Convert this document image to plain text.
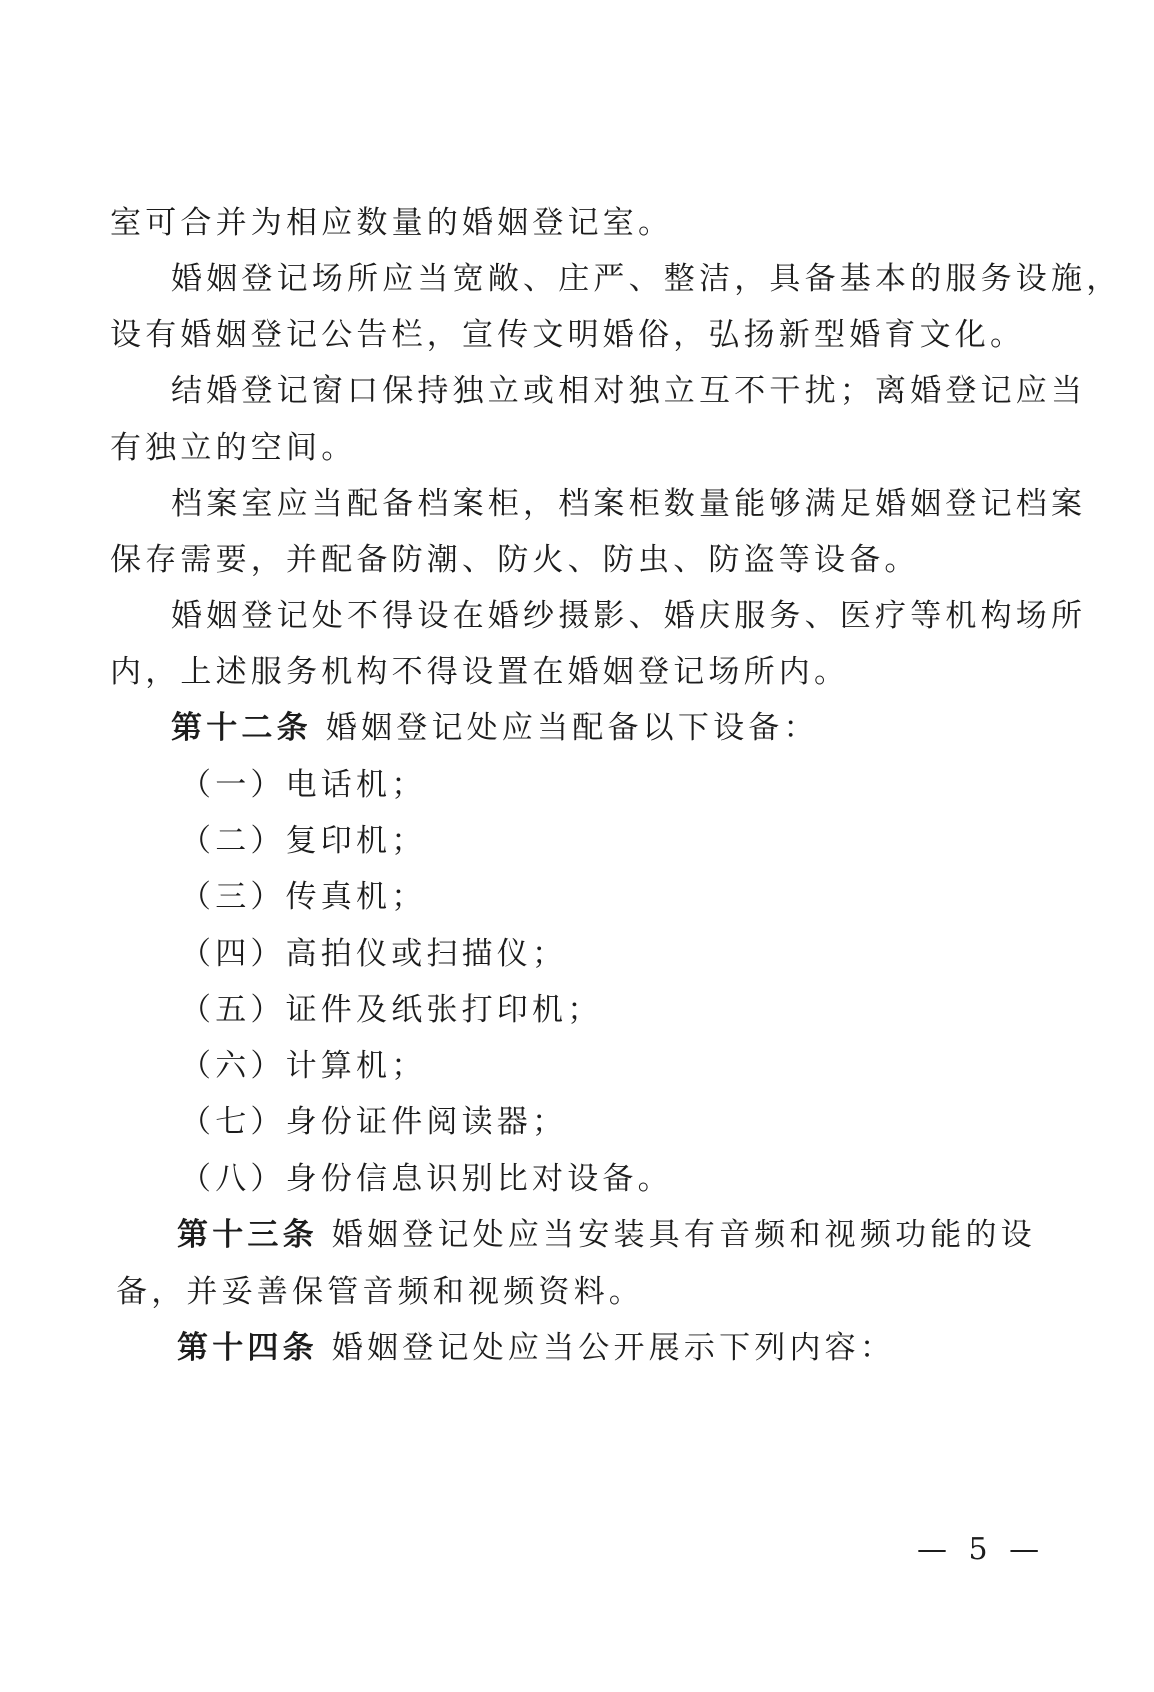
室可合并为相应数量的婚姻登记室。
婚姻登记场所应当宽敞、庄严、整洁，具备基本的服务设施，
设有婚姻登记公告栏，宣传文明婚俗，弘扬新型婚育文化。
结婚登记窗口保持独立或相对独立互不干扰；离婚登记应当
有独立的空间。
档案室应当配备档案柜，档案柜数量能够满足婚姻登记档案
保存需要，并配备防潮、防火、防虫、防盗等设备。
婚姻登记处不得设在婚纱摄影、婚庆服务、医疗等机构场所
内，上述服务机构不得设置在婚姻登记场所内。
第十二条 婚姻登记处应当配备以下设备：
（一）电话机；
（二）复印机；
（三）传真机；
（四）高拍仪或扫描仪；
（五）证件及纸张打印机；
（六）计算机；
（七）身份证件阅读器；
（八）身份信息识别比对设备。
第十三条 婚姻登记处应当安装具有音频和视频功能的设
备，并妥善保管音频和视频资料。
第十四条 婚姻登记处应当公开展示下列内容：
— 5 —
